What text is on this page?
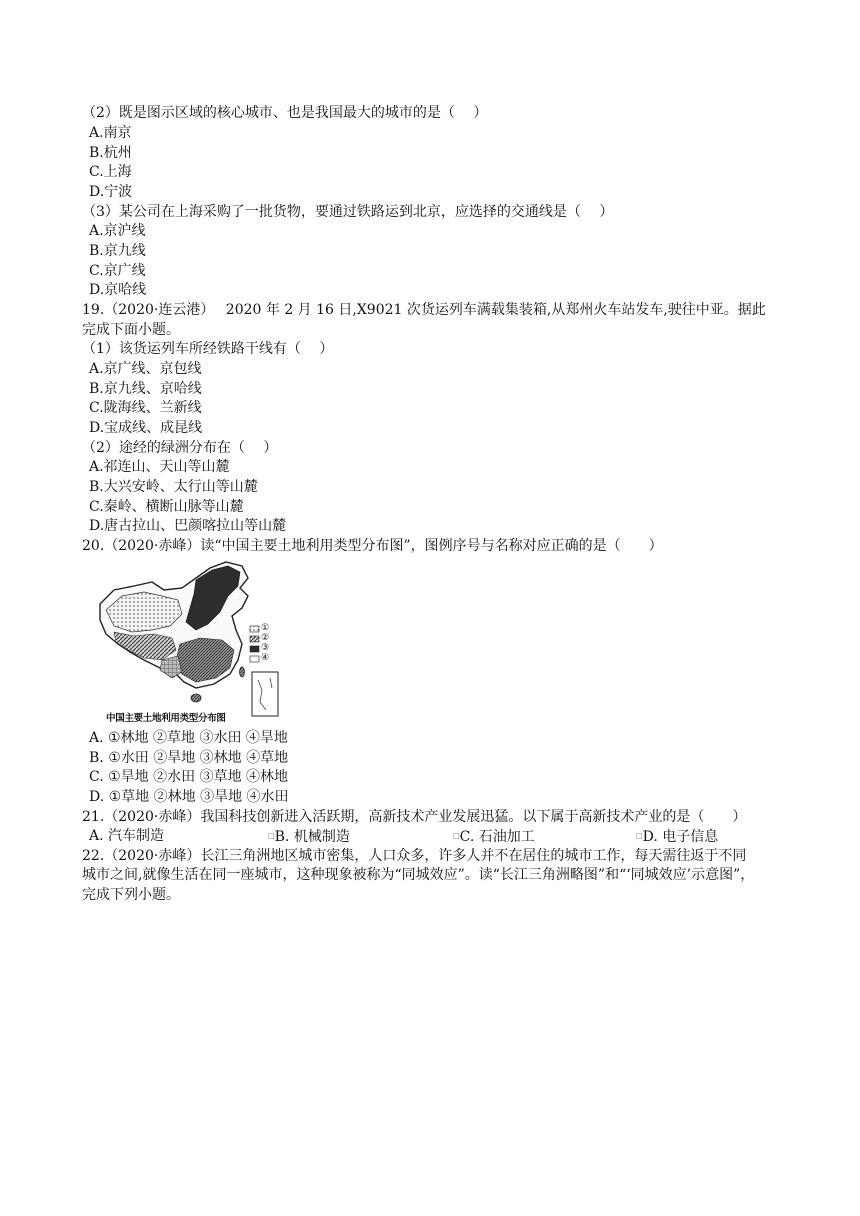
（2）既是图示区域的核心城市、也是我国最大的城市的是（　 ）
A.南京
B.杭州
C.上海
D.宁波
（3）某公司在上海采购了一批货物，要通过铁路运到北京，应选择的交通线是（　 ）
A.京沪线
B.京九线
C.京广线
D.京哈线
19.（2020·连云港）　 2020 年 2 月 16 日,X9021 次货运列车满载集装箱,从郑州火车站发车,驶往中亚。据此
完成下面小题。
（1）该货运列车所经铁路干线有（　 ）
A.京广线、京包线
B.京九线、京哈线
C.陇海线、兰新线
D.宝成线、成昆线
（2）途经的绿洲分布在（　 ）
A.祁连山、天山等山麓
B.大兴安岭、太行山等山麓
C.秦岭、横断山脉等山麓
D.唐古拉山、巴颜喀拉山等山麓
20.（2020·赤峰）读“中国主要土地利用类型分布图”，图例序号与名称对应正确的是（　　）
①
②
③
④
中国主要土地利用类型分布图
A. ①林地 ②草地 ③水田 ④旱地
B. ①水田 ②旱地 ③林地 ④草地
C. ①旱地 ②水田 ③草地 ④林地
D. ①草地 ②林地 ③旱地 ④水田
21.（2020·赤峰）我国科技创新进入活跃期，高新技术产业发展迅猛。以下属于高新技术产业的是（　　）
A. 汽车制造	□B. 机械制造	□C. 石油加工	□D. 电子信息
22.（2020·赤峰）长江三角洲地区城市密集，人口众多，许多人并不在居住的城市工作，每天需往返于不同
城市之间,就像生活在同一座城市，这种现象被称为“同城效应”。读“长江三角洲略图”和“‘同城效应’示意图”，
完成下列小题。
